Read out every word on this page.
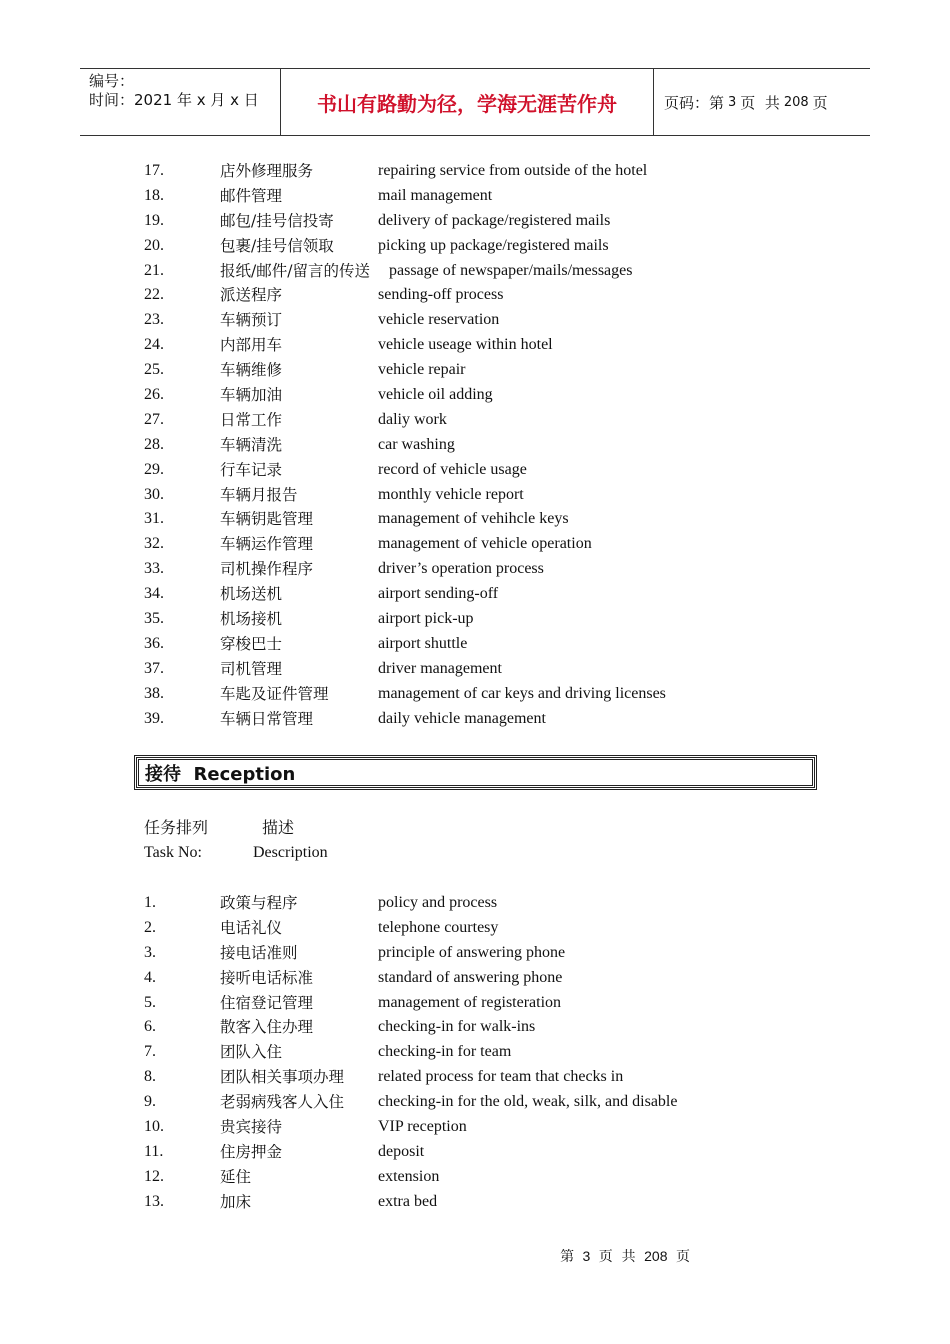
编号：
时间：2021 年 x 月 x 日	书山有路勤为径，学海无涯苦作舟	页码：第 3 页  共 208 页
17.	店外修理服务	repairing service from outside of the hotel
18.	邮件管理	mail management
19.	邮包/挂号信投寄	delivery of package/registered mails
20.	包裹/挂号信领取	picking up package/registered mails
21.	报纸/邮件/留言的传送 passage of newspaper/mails/messages
22.	派送程序	sending-off process
23.	车辆预订	vehicle reservation
24.	内部用车	vehicle useage within hotel
25.	车辆维修	vehicle repair
26.	车辆加油	vehicle oil adding
27.	日常工作	daliy work
28.	车辆清洗	car washing
29.	行车记录	record of vehicle usage
30.	车辆月报告	monthly vehicle report
31.	车辆钥匙管理	management of vehihcle keys
32.	车辆运作管理	management of vehicle operation
33.	司机操作程序	driver’s operation process
34.	机场送机	airport sending-off
35.	机场接机	airport pick-up
36.	穿梭巴士	airport shuttle
37.	司机管理	driver management
38.	车匙及证件管理	management of car keys and driving licenses
39.	车辆日常管理	daily vehicle management
接待  Reception
任务排列	描述
Task No:	Description
1.	政策与程序	policy and process
2.	电话礼仪	telephone courtesy
3.	接电话准则	principle of answering phone
4.	接听电话标准	standard of answering phone
5.	住宿登记管理	management of registeration
6.	散客入住办理	checking-in for walk-ins
7.	团队入住	checking-in for team
8.	团队相关事项办理 related process for team that checks in
9.	老弱病残客人入住 checking-in for the old, weak, silk, and disable
10.	贵宾接待	VIP reception
11.	住房押金	deposit
12.	延住	extension
13.	加床	extra bed
第 3 页  共 208 页
